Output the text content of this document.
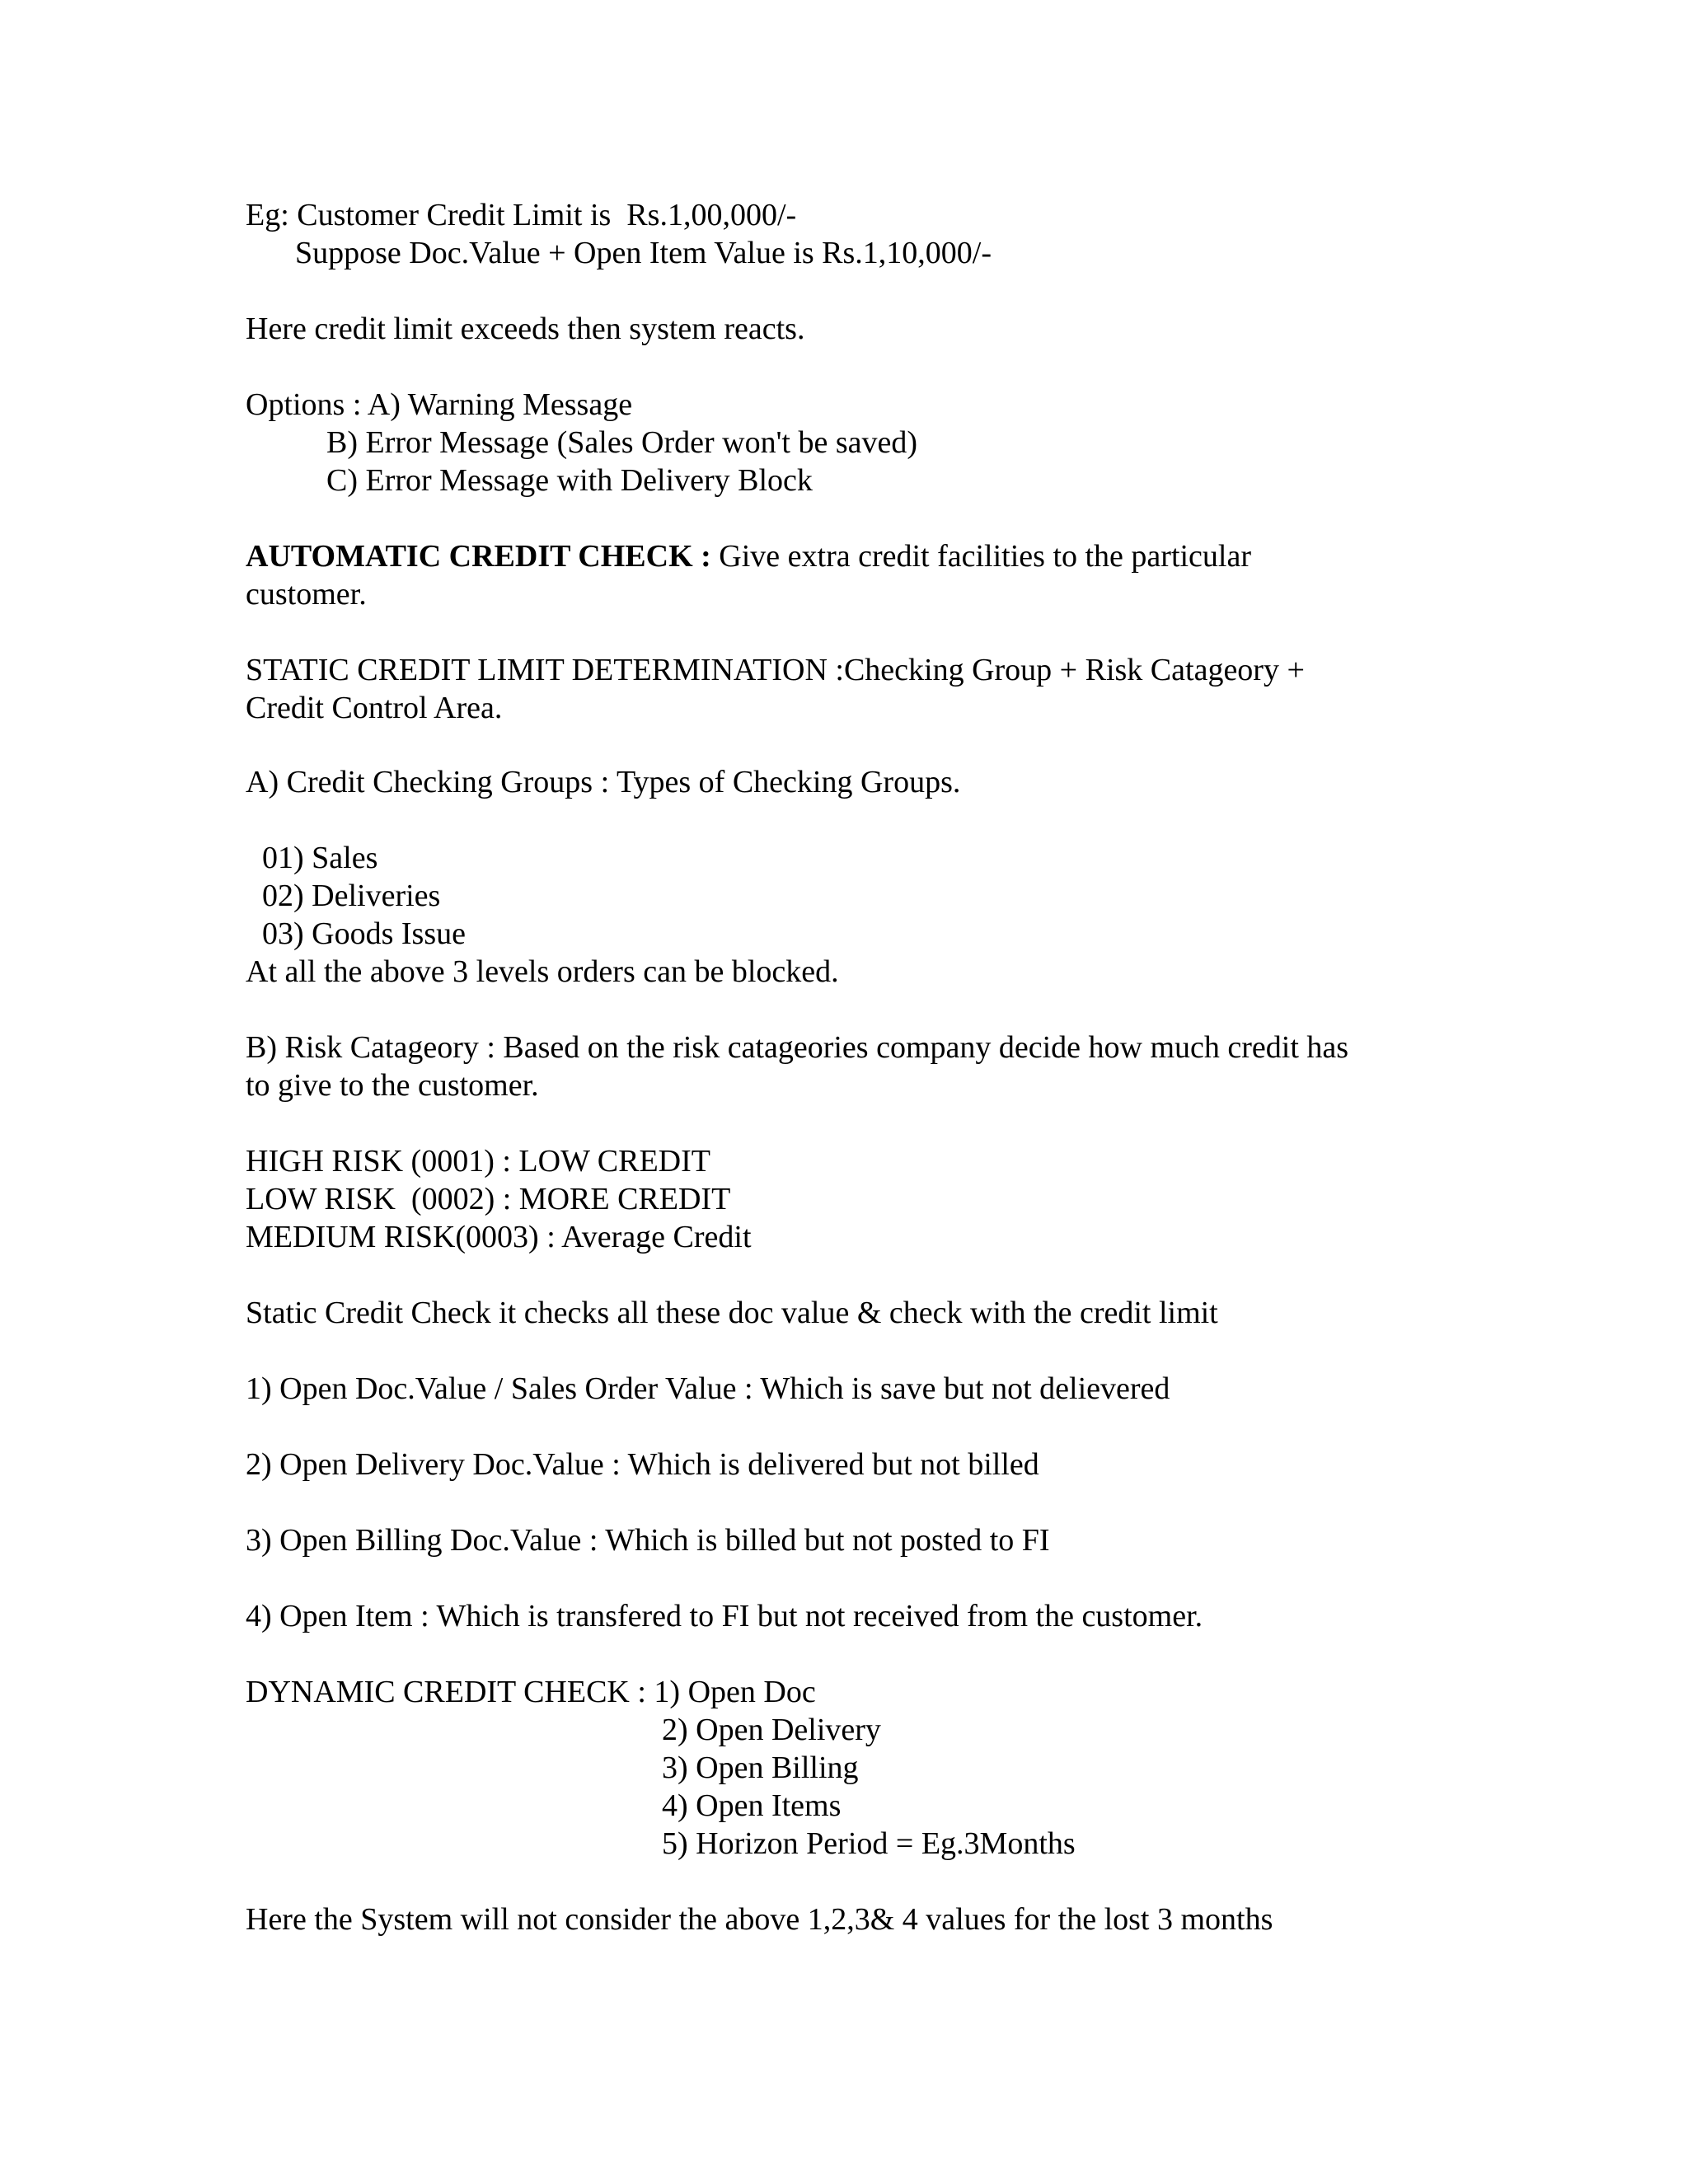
Eg: Customer Credit Limit is  Rs.1,00,000/-

Suppose Doc.Value + Open Item Value is Rs.1,10,000/-

Here credit limit exceeds then system reacts.

Options : A) Warning Message

B) Error Message (Sales Order won't be saved)

C) Error Message with Delivery Block

AUTOMATIC CREDIT CHECK : Give extra credit facilities to the particular

customer.

STATIC CREDIT LIMIT DETERMINATION :Checking Group + Risk Catageory +

Credit Control Area.

A) Credit Checking Groups : Types of Checking Groups.

01) Sales

02) Deliveries

03) Goods Issue

At all the above 3 levels orders can be blocked.

B) Risk Catageory : Based on the risk catageories company decide how much credit has

to give to the customer.

HIGH RISK (0001) : LOW CREDIT

LOW RISK  (0002) : MORE CREDIT

MEDIUM RISK(0003) : Average Credit

Static Credit Check it checks all these doc value & check with the credit limit

1) Open Doc.Value / Sales Order Value : Which is save but not delievered

2) Open Delivery Doc.Value : Which is delivered but not billed

3) Open Billing Doc.Value : Which is billed but not posted to FI

4) Open Item : Which is transfered to FI but not received from the customer.

DYNAMIC CREDIT CHECK : 1) Open Doc

2) Open Delivery

3) Open Billing

4) Open Items

5) Horizon Period = Eg.3Months

Here the System will not consider the above 1,2,3& 4 values for the lost 3 months
